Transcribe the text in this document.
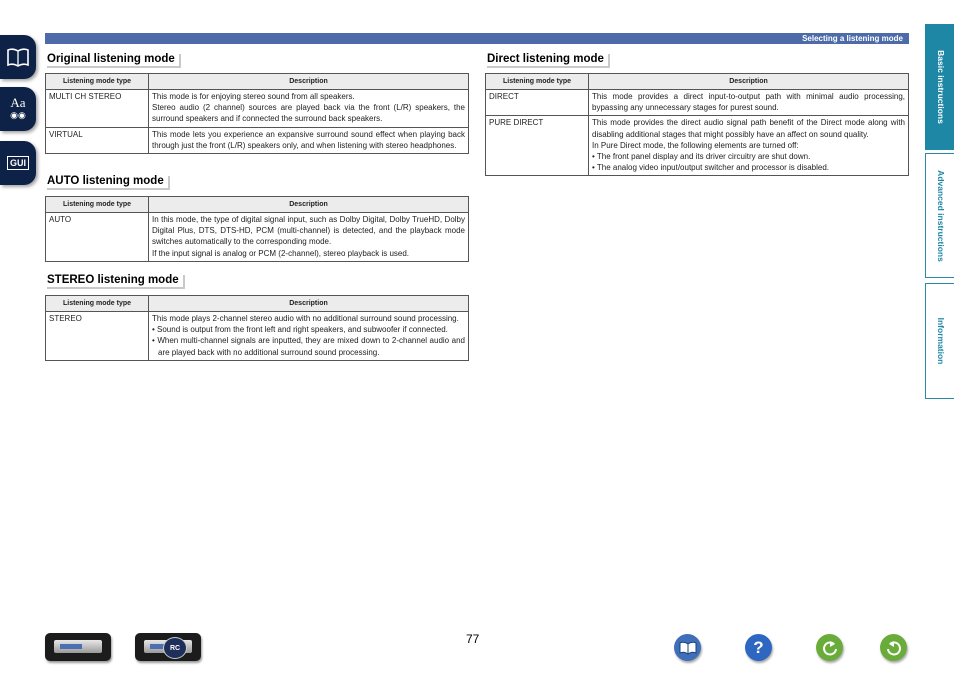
Selecting a listening mode
Aa
◉◉
GUI
Original listening mode
Listening mode type	Description
MULTI CH STEREO	This mode is for enjoying stereo sound from all speakers.
Stereo audio (2 channel) sources are played back via the front (L/R) speakers, the surround speakers and if connected the surround back speakers.

VIRTUAL	This mode lets you experience an expansive surround sound effect when playing back through just the front (L/R) speakers only, and when listening with stereo headphones.
AUTO listening mode
Listening mode type	Description
AUTO	In this mode, the type of digital signal input, such as Dolby Digital, Dolby TrueHD, Dolby Digital Plus, DTS, DTS-HD, PCM (multi-channel) is detected, and the playback mode switches automatically to the corresponding mode.
If the input signal is analog or PCM (2-channel), stereo playback is used.
STEREO listening mode
Listening mode type	Description
STEREO	This mode plays 2-channel stereo audio with no additional surround sound processing.
• Sound is output from the front left and right speakers, and subwoofer if connected.
• When multi-channel signals are inputted, they are mixed down to 2-channel audio and are played back with no additional surround sound processing.
Direct listening mode
Listening mode type	Description
DIRECT	This mode provides a direct input-to-output path with minimal audio processing, bypassing any unnecessary stages for purest sound.

PURE DIRECT	This mode provides the direct audio signal path benefit of the Direct mode along with disabling additional stages that might possibly have an affect on sound quality.
In Pure Direct mode, the following elements are turned off:
• The front panel display and its driver circuitry are shut down.
• The analog video input/output switcher and processor is disabled.
Basic instructions
Advanced instructions
Information
77
RC	?
